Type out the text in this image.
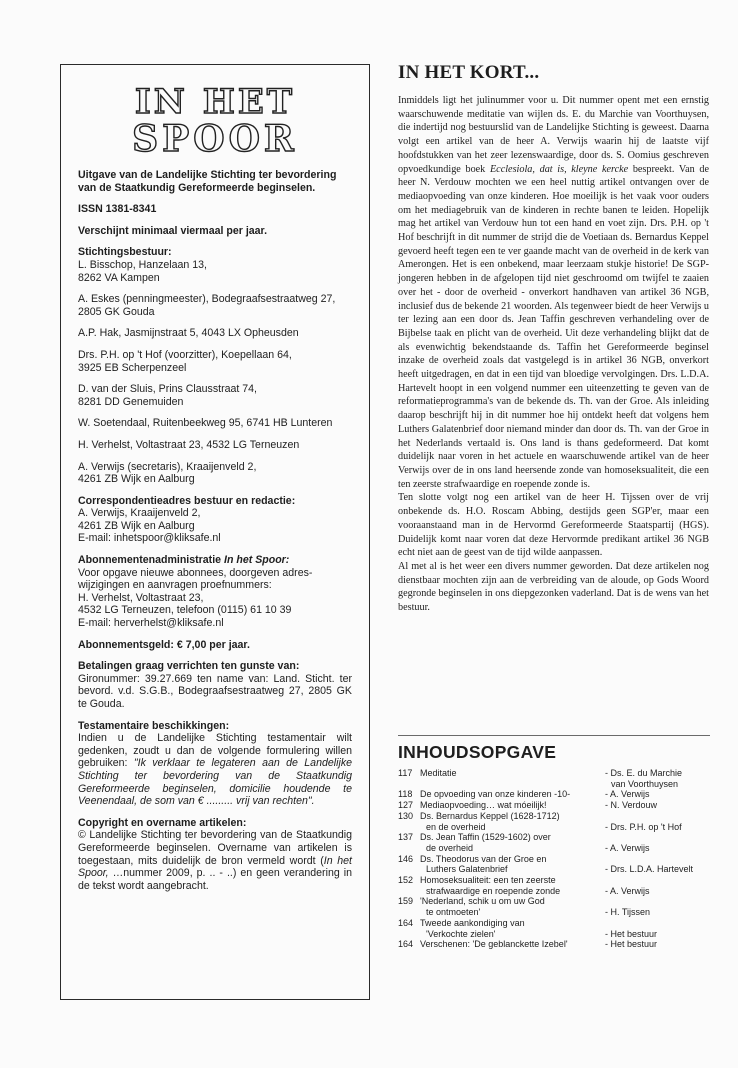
IN HET
SPOOR
Uitgave van de Landelijke Stichting ter bevordering van de Staatkundig Gereformeerde beginselen.
ISSN 1381-8341
Verschijnt minimaal viermaal per jaar.
Stichtingsbestuur:
L. Bisschop, Hanzelaan 13,
8262 VA Kampen
A. Eskes (penningmeester), Bodegraafsestraatweg 27,
2805 GK Gouda
A.P. Hak, Jasmijnstraat 5, 4043 LX Opheusden
Drs. P.H. op 't Hof (voorzitter), Koepellaan 64,
3925 EB Scherpenzeel
D. van der Sluis, Prins Clausstraat 74,
8281 DD Genemuiden
W. Soetendaal, Ruitenbeekweg 95, 6741 HB Lunteren
H. Verhelst, Voltastraat 23, 4532 LG Terneuzen
A. Verwijs (secretaris), Kraaijenveld 2,
4261 ZB Wijk en Aalburg
Correspondentieadres bestuur en redactie:
A. Verwijs, Kraaijenveld 2,
4261 ZB Wijk en Aalburg
E-mail: inhetspoor@kliksafe.nl
Abonnementenadministratie In het Spoor:
Voor opgave nieuwe abonnees, doorgeven adres-
wijzigingen en aanvragen proefnummers:
H. Verhelst, Voltastraat 23,
4532 LG Terneuzen, telefoon (0115) 61 10 39
E-mail: herverhelst@kliksafe.nl
Abonnementsgeld: € 7,00 per jaar.
Betalingen graag verrichten ten gunste van:
Gironummer: 39.27.669 ten name van: Land. Sticht. ter bevord. v.d. S.G.B., Bodegraafsestraatweg 27, 2805 GK te Gouda.
Testamentaire beschikkingen:
Indien u de Landelijke Stichting testamentair wilt gedenken, zoudt u dan de volgende formulering willen gebruiken: "Ik verklaar te legateren aan de Landelijke Stichting ter bevordering van de Staatkundig Gereformeerde beginselen, domicilie houdende te Veenendaal, de som van € ......... vrij van rechten".
Copyright en overname artikelen:
© Landelijke Stichting ter bevordering van de Staatkundig Gereformeerde beginselen. Overname van artikelen is toegestaan, mits duidelijk de bron vermeld wordt (In het Spoor, …nummer 2009, p. .. - ..) en geen verandering in de tekst wordt aangebracht.
IN HET KORT...

Inmiddels ligt het julinummer voor u. Dit nummer opent met een ernstig waarschuwende meditatie van wijlen ds. E. du Marchie van Voorthuysen, die indertijd nog bestuurslid van de Landelijke Stichting is geweest. Daarna volgt een artikel van de heer A. Verwijs waarin hij de laatste vijf hoofdstukken van het zeer lezenswaardige, door ds. S. Oomius geschreven opvoedkundige boek Ecclesiola, dat is, kleyne kercke bespreekt. Van de heer N. Verdouw mochten we een heel nuttig artikel ontvangen over de mediaopvoeding van onze kinderen. Hoe moeilijk is het vaak voor ouders om het mediagebruik van de kinderen in rechte banen te leiden. Hopelijk mag het artikel van Verdouw hun tot een hand en voet zijn. Drs. P.H. op 't Hof beschrijft in dit nummer de strijd die de Voetiaan ds. Bernardus Keppel gevoerd heeft tegen een te ver gaande macht van de overheid in de kerk van Amerongen. Het is een onbekend, maar leerzaam stukje historie! De SGP-jongeren hebben in de afgelopen tijd niet geschroomd om twijfel te zaaien over het - door de overheid - onverkort handhaven van artikel 36 NGB, inclusief dus de bekende 21 woorden. Als tegenweer biedt de heer Verwijs u ter lezing aan een door ds. Jean Taffin geschreven verhandeling over de Bijbelse taak en plicht van de overheid. Uit deze verhandeling blijkt dat de als evenwichtig bekendstaande ds. Taffin het Gereformeerde beginsel inzake de overheid zoals dat vastgelegd is in artikel 36 NGB, onverkort heeft uitgedragen, en dat in een tijd van bloedige vervolgingen. Drs. L.D.A. Hartevelt hoopt in een volgend nummer een uiteenzetting te geven van de reformatieprogramma's van de bekende ds. Th. van der Groe. Als inleiding daarop beschrijft hij in dit nummer hoe hij ontdekt heeft dat volgens hem Luthers Galatenbrief door niemand minder dan door ds. Th. van der Groe in het Nederlands vertaald is. Ons land is thans gedeformeerd. Dat komt duidelijk naar voren in het actuele en waarschuwende artikel van de heer Verwijs over de in ons land heersende zonde van homoseksualiteit, die een ten zeerste strafwaardige en roepende zonde is.

Ten slotte volgt nog een artikel van de heer H. Tijssen over de vrij onbekende ds. H.O. Roscam Abbing, destijds geen SGP'er, maar een vooraanstaand man in de Hervormd Gereformeerde Staatspartij (HGS). Duidelijk komt naar voren dat deze Hervormde predikant artikel 36 NGB echt niet aan de geest van de tijd wilde aanpassen.

Al met al is het weer een divers nummer geworden. Dat deze artikelen nog dienstbaar mochten zijn aan de verbreiding van de aloude, op Gods Woord gegronde beginselen in ons diepgezonken vaderland. Dat is de wens van het bestuur.

INHOUDSOPGAVE
117 Meditatie	- Ds. E. du Marchie
van Voorthuysen
118 De opvoeding van onze kinderen -10-	- A. Verwijs
127 Mediaopvoeding… wat móeilijk!	- N. Verdouw
130 Ds. Bernardus Keppel (1628-1712)
en de overheid	- Drs. P.H. op 't Hof
137 Ds. Jean Taffin (1529-1602) over
de overheid	- A. Verwijs
146 Ds. Theodorus van der Groe en
Luthers Galatenbrief	- Drs. L.D.A. Hartevelt
152 Homoseksualiteit: een ten zeerste
strafwaardige en roepende zonde	- A. Verwijs
159 'Nederland, schik u om uw God
te ontmoeten'	- H. Tijssen
164 Tweede aankondiging van
'Verkochte zielen'	- Het bestuur
164 Verschenen: 'De geblanckette Izebel'	- Het bestuur
